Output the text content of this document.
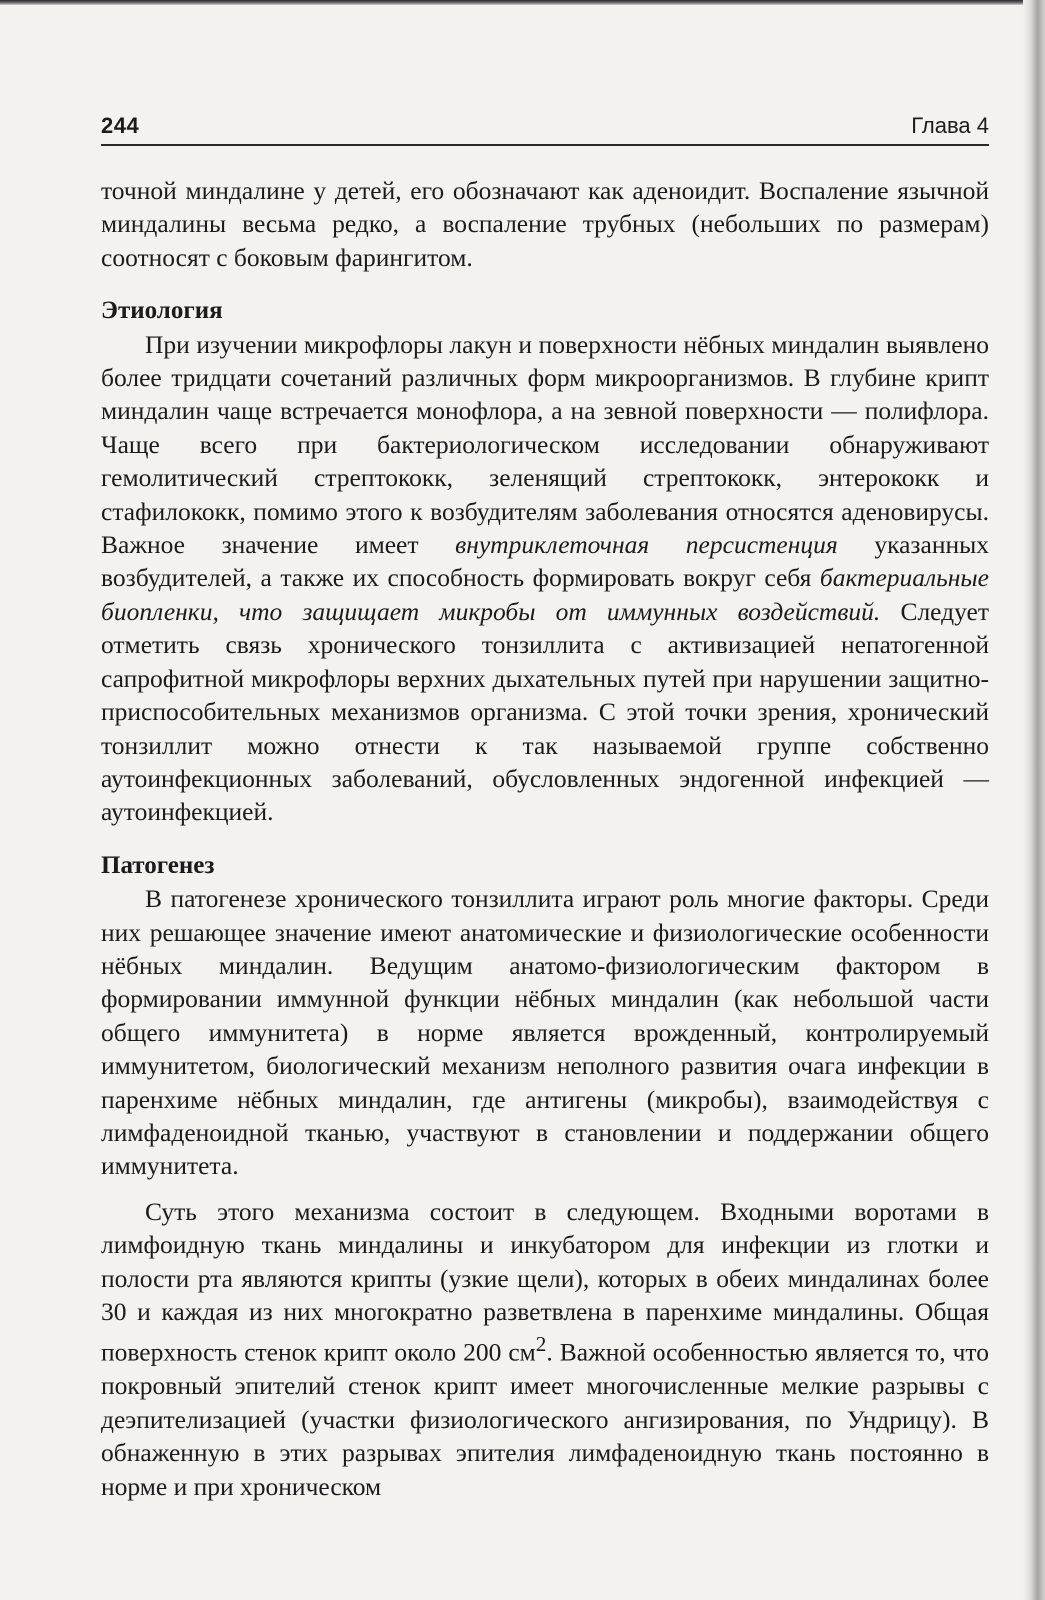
244	Глава 4

точной миндалине у детей, его обозначают как аденоидит. Воспаление язычной миндалины весьма редко, а воспаление трубных (небольших по размерам) соотносят с боковым фарингитом.

Этиология

При изучении микрофлоры лакун и поверхности нёбных миндалин выявлено более тридцати сочетаний различных форм микроорганизмов. В глубине крипт миндалин чаще встречается монофлора, а на зевной поверхности — полифлора. Чаще всего при бактериологическом исследовании обнаруживают гемолитический стрептококк, зеленящий стрептококк, энтерококк и стафилококк, помимо этого к возбудителям заболевания относятся аденовирусы. Важное значение имеет внутриклеточная персистенция указанных возбудителей, а также их способность формировать вокруг себя бактериальные биопленки, что защищает микробы от иммунных воздействий. Следует отметить связь хронического тонзиллита с активизацией непатогенной сапрофитной микрофлоры верхних дыхательных путей при нарушении защитно-приспособительных механизмов организма. С этой точки зрения, хронический тонзиллит можно отнести к так называемой группе собственно аутоинфекционных заболеваний, обусловленных эндогенной инфекцией — аутоинфекцией.

Патогенез

В патогенезе хронического тонзиллита играют роль многие факторы. Среди них решающее значение имеют анатомические и физиологические особенности нёбных миндалин. Ведущим анатомо-физиологическим фактором в формировании иммунной функции нёбных миндалин (как небольшой части общего иммунитета) в норме является врожденный, контролируемый иммунитетом, биологический механизм неполного развития очага инфекции в паренхиме нёбных миндалин, где антигены (микробы), взаимодействуя с лимфаденоидной тканью, участвуют в становлении и поддержании общего иммунитета.

Суть этого механизма состоит в следующем. Входными воротами в лимфоидную ткань миндалины и инкубатором для инфекции из глотки и полости рта являются крипты (узкие щели), которых в обеих миндалинах более 30 и каждая из них многократно разветвлена в паренхиме миндалины. Общая поверхность стенок крипт около 200 $см^2$. Важной особенностью является то, что покровный эпителий стенок крипт имеет многочисленные мелкие разрывы с деэпителизацией (участки физиологического ангизирования, по Ундрицу). В обнаженную в этих разрывах эпителия лимфаденоидную ткань постоянно в норме и при хроническом
